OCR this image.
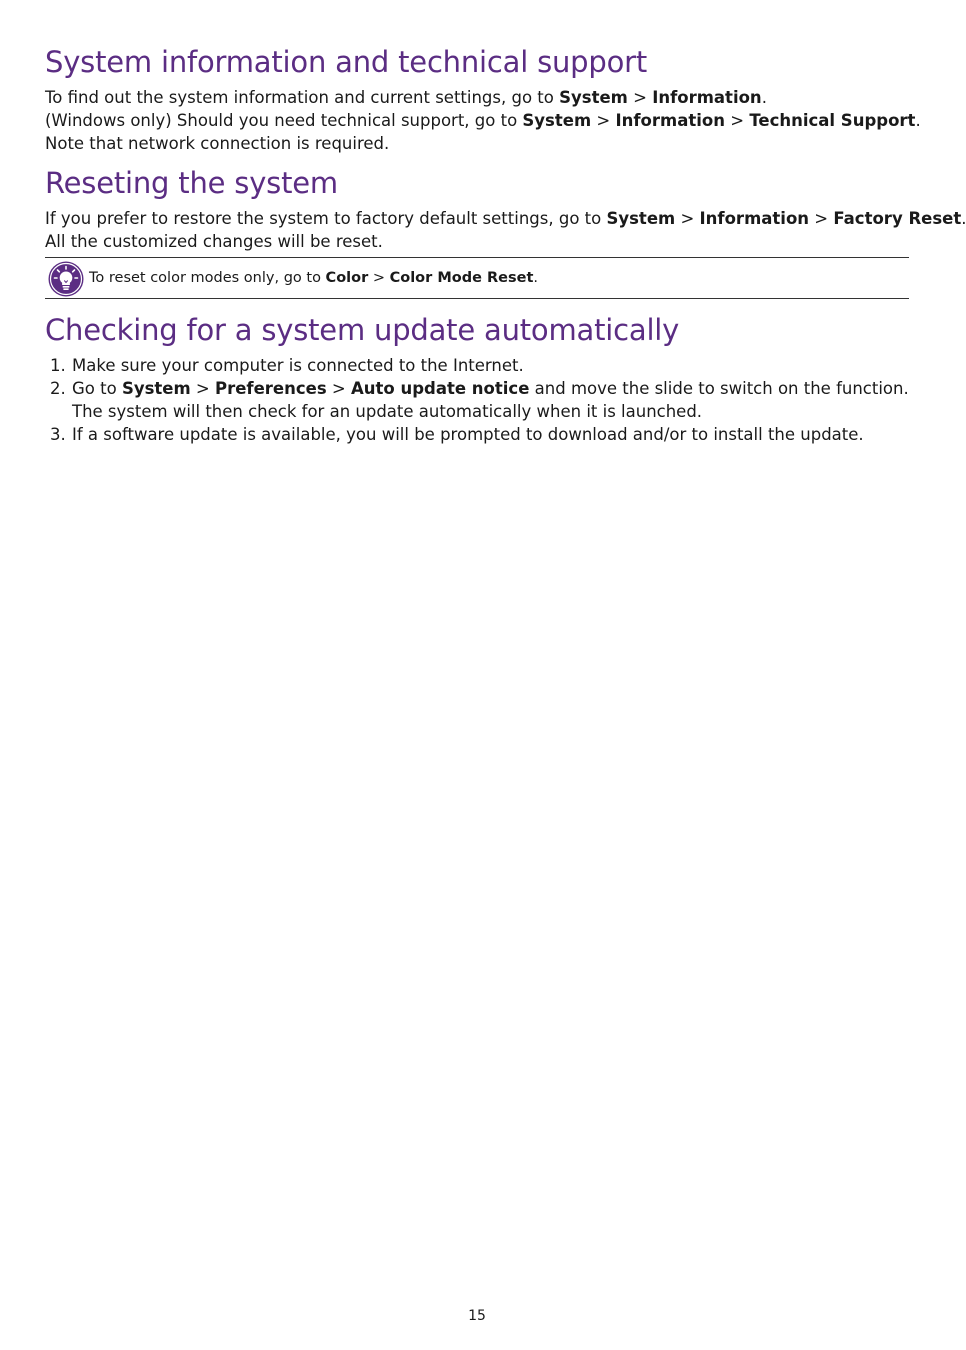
System information and technical support

To find out the system information and current settings, go to System > Information.

(Windows only) Should you need technical support, go to System > Information > Technical Support.

Note that network connection is required.

Reseting the system

If you prefer to restore the system to factory default settings, go to System > Information > Factory Reset.

All the customized changes will be reset.

To reset color modes only, go to Color > Color Mode Reset.
Checking for a system update automatically
1. Make sure your computer is connected to the Internet.
2. Go to System > Preferences > Auto update notice and move the slide to switch on the function. The system will then check for an update automatically when it is launched.
3. If a software update is available, you will be prompted to download and/or to install the update.
15
